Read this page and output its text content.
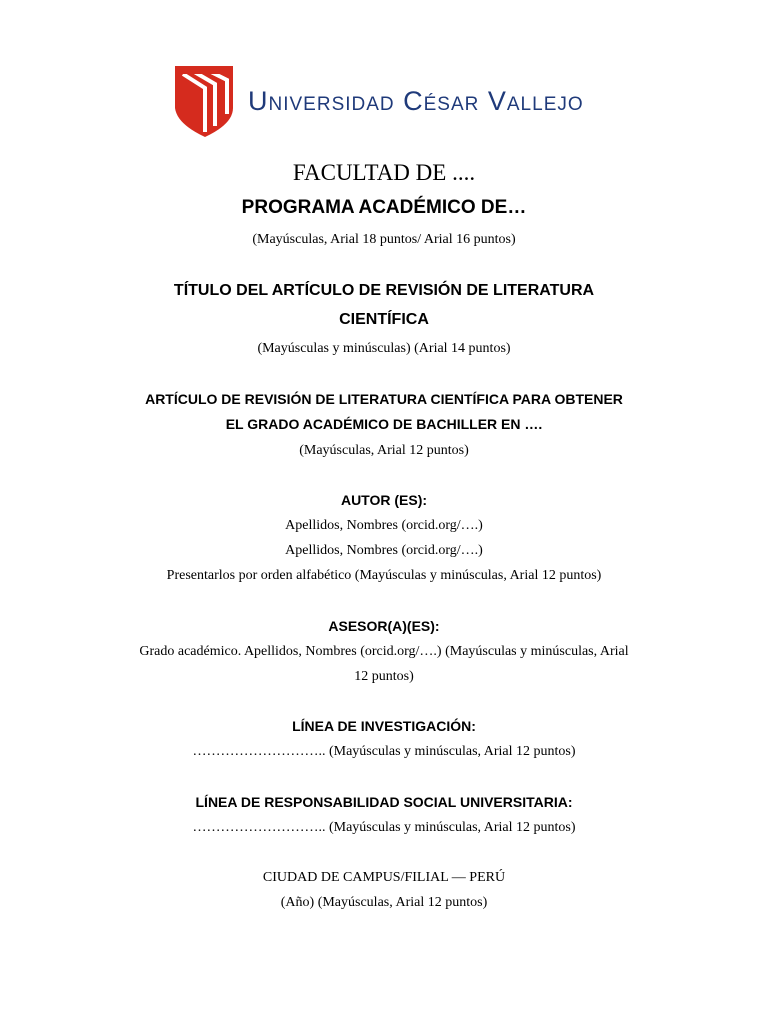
Universidad César Vallejo
FACULTAD DE ....
PROGRAMA ACADÉMICO DE…
(Mayúsculas, Arial 18 puntos/ Arial 16 puntos)
TÍTULO DEL ARTÍCULO DE REVISIÓN DE LITERATURA
CIENTÍFICA
(Mayúsculas y minúsculas) (Arial 14 puntos)
ARTÍCULO DE REVISIÓN DE LITERATURA CIENTÍFICA PARA OBTENER
EL GRADO ACADÉMICO DE BACHILLER EN ….
(Mayúsculas, Arial 12 puntos)
AUTOR (ES):
Apellidos, Nombres (orcid.org/….)
Apellidos, Nombres (orcid.org/….)
Presentarlos por orden alfabético (Mayúsculas y minúsculas, Arial 12 puntos)
ASESOR(A)(ES):
Grado académico. Apellidos, Nombres (orcid.org/….) (Mayúsculas y minúsculas, Arial
12 puntos)
LÍNEA DE INVESTIGACIÓN:
……………………….. (Mayúsculas y minúsculas, Arial 12 puntos)
LÍNEA DE RESPONSABILIDAD SOCIAL UNIVERSITARIA:
……………………….. (Mayúsculas y minúsculas, Arial 12 puntos)
CIUDAD DE CAMPUS/FILIAL — PERÚ
(Año) (Mayúsculas, Arial 12 puntos)
